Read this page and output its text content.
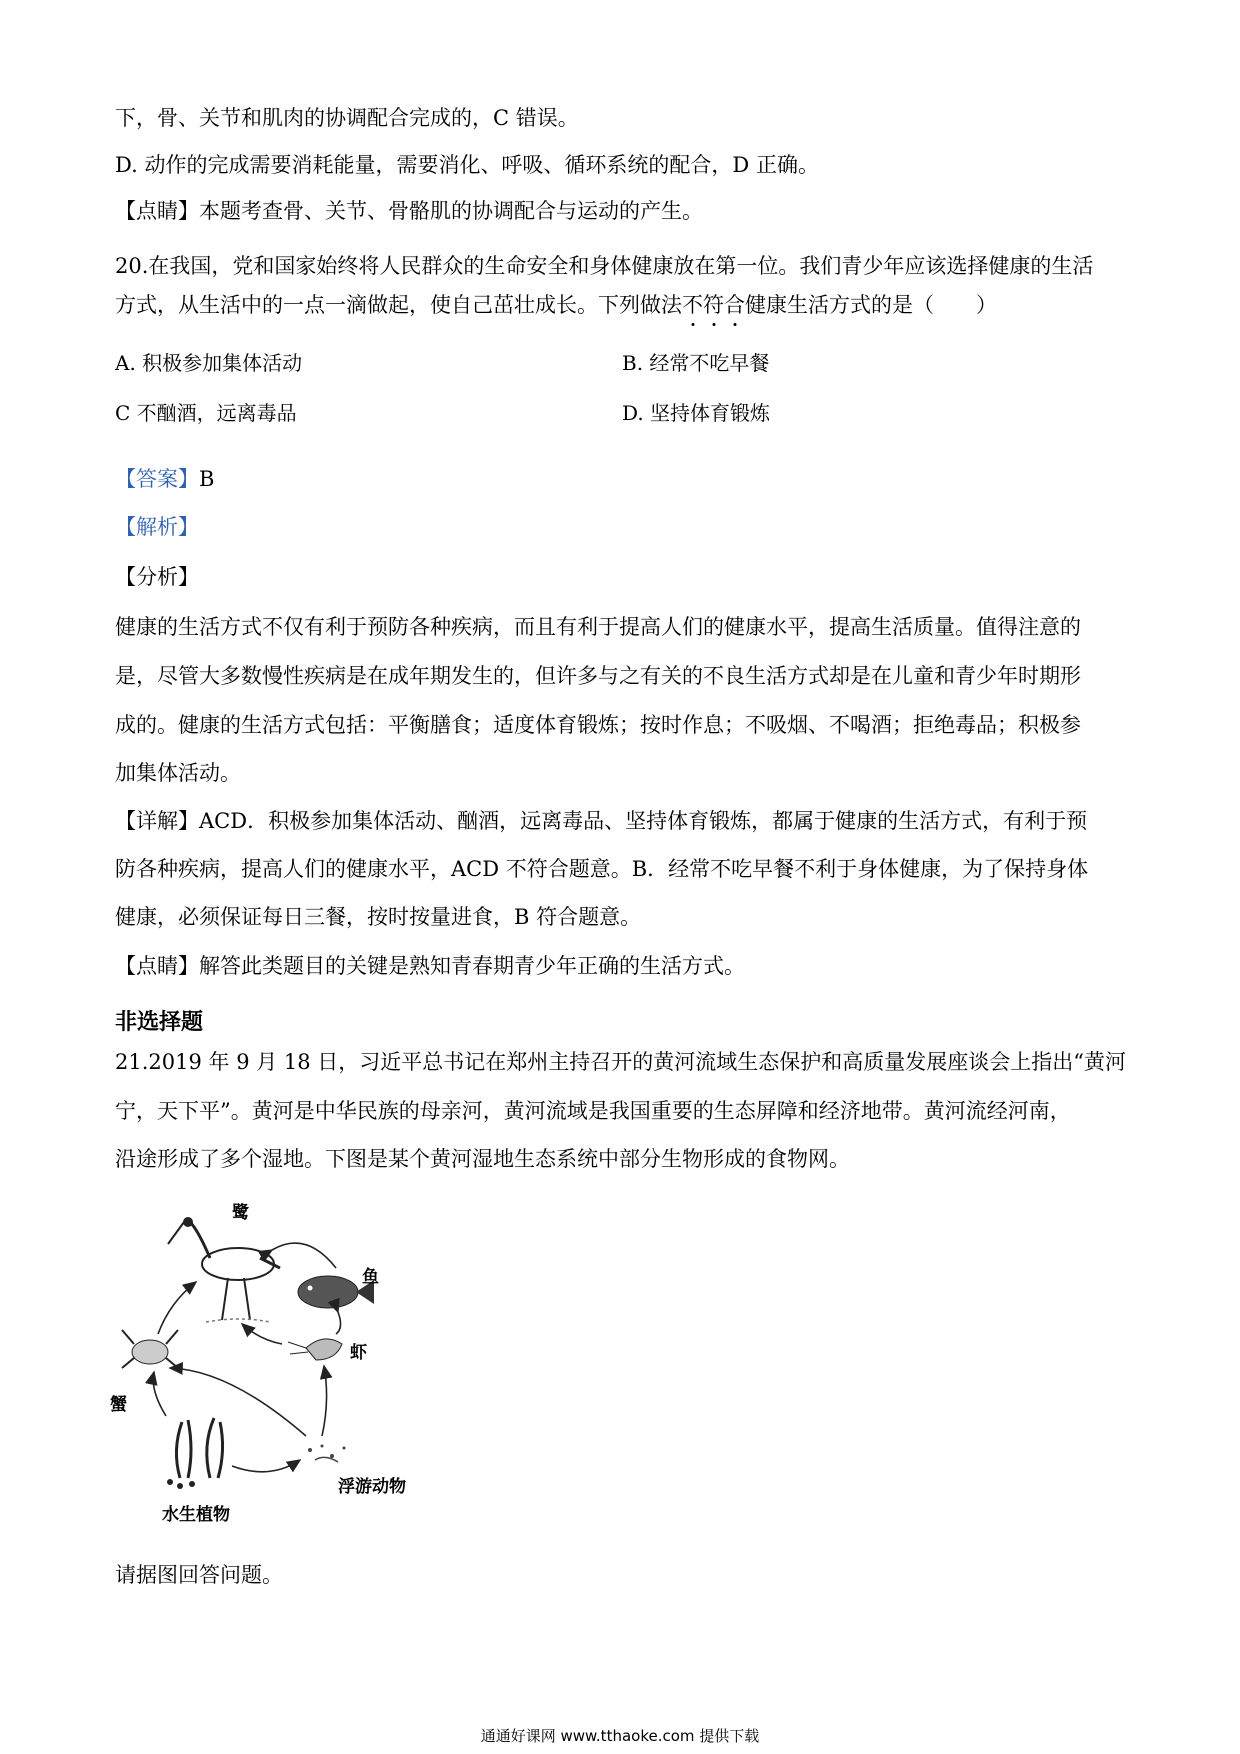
下，骨、关节和肌肉的协调配合完成的，C 错误。
D. 动作的完成需要消耗能量，需要消化、呼吸、循环系统的配合，D 正确。
【点睛】本题考查骨、关节、骨骼肌的协调配合与运动的产生。
20.在我国，党和国家始终将人民群众的生命安全和身体健康放在第一位。我们青少年应该选择健康的生活
方式，从生活中的一点一滴做起，使自己茁壮成长。下列做法不
符
合
健康生活方式的是（　　）
A. 积极参加集体活动	B. 经常不吃早餐
C 不酗酒，远离毒品	D. 坚持体育锻炼
【答案】B
【解析】
【分析】
健康的生活方式不仅有利于预防各种疾病，而且有利于提高人们的健康水平，提高生活质量。值得注意的
是，尽管大多数慢性疾病是在成年期发生的，但许多与之有关的不良生活方式却是在儿童和青少年时期形
成的。健康的生活方式包括：平衡膳食；适度体育锻炼；按时作息；不吸烟、不喝酒；拒绝毒品；积极参
加集体活动。
【详解】ACD．积极参加集体活动、酗酒，远离毒品、坚持体育锻炼，都属于健康的生活方式，有利于预
防各种疾病，提高人们的健康水平，ACD 不符合题意。B．经常不吃早餐不利于身体健康，为了保持身体
健康，必须保证每日三餐，按时按量进食，B 符合题意。
【点睛】解答此类题目的关键是熟知青春期青少年正确的生活方式。
非选择题
21.2019 年 9 月 18 日，习近平总书记在郑州主持召开的黄河流域生态保护和高质量发展座谈会上指出“黄河
宁，天下平”。黄河是中华民族的母亲河，黄河流域是我国重要的生态屏障和经济地带。黄河流经河南，
沿途形成了多个湿地。下图是某个黄河湿地生态系统中部分生物形成的食物网。
鹭
鱼
虾
蟹
浮游动物
水生植物
请据图回答问题。
通通好课网 www.tthaoke.com 提供下载
